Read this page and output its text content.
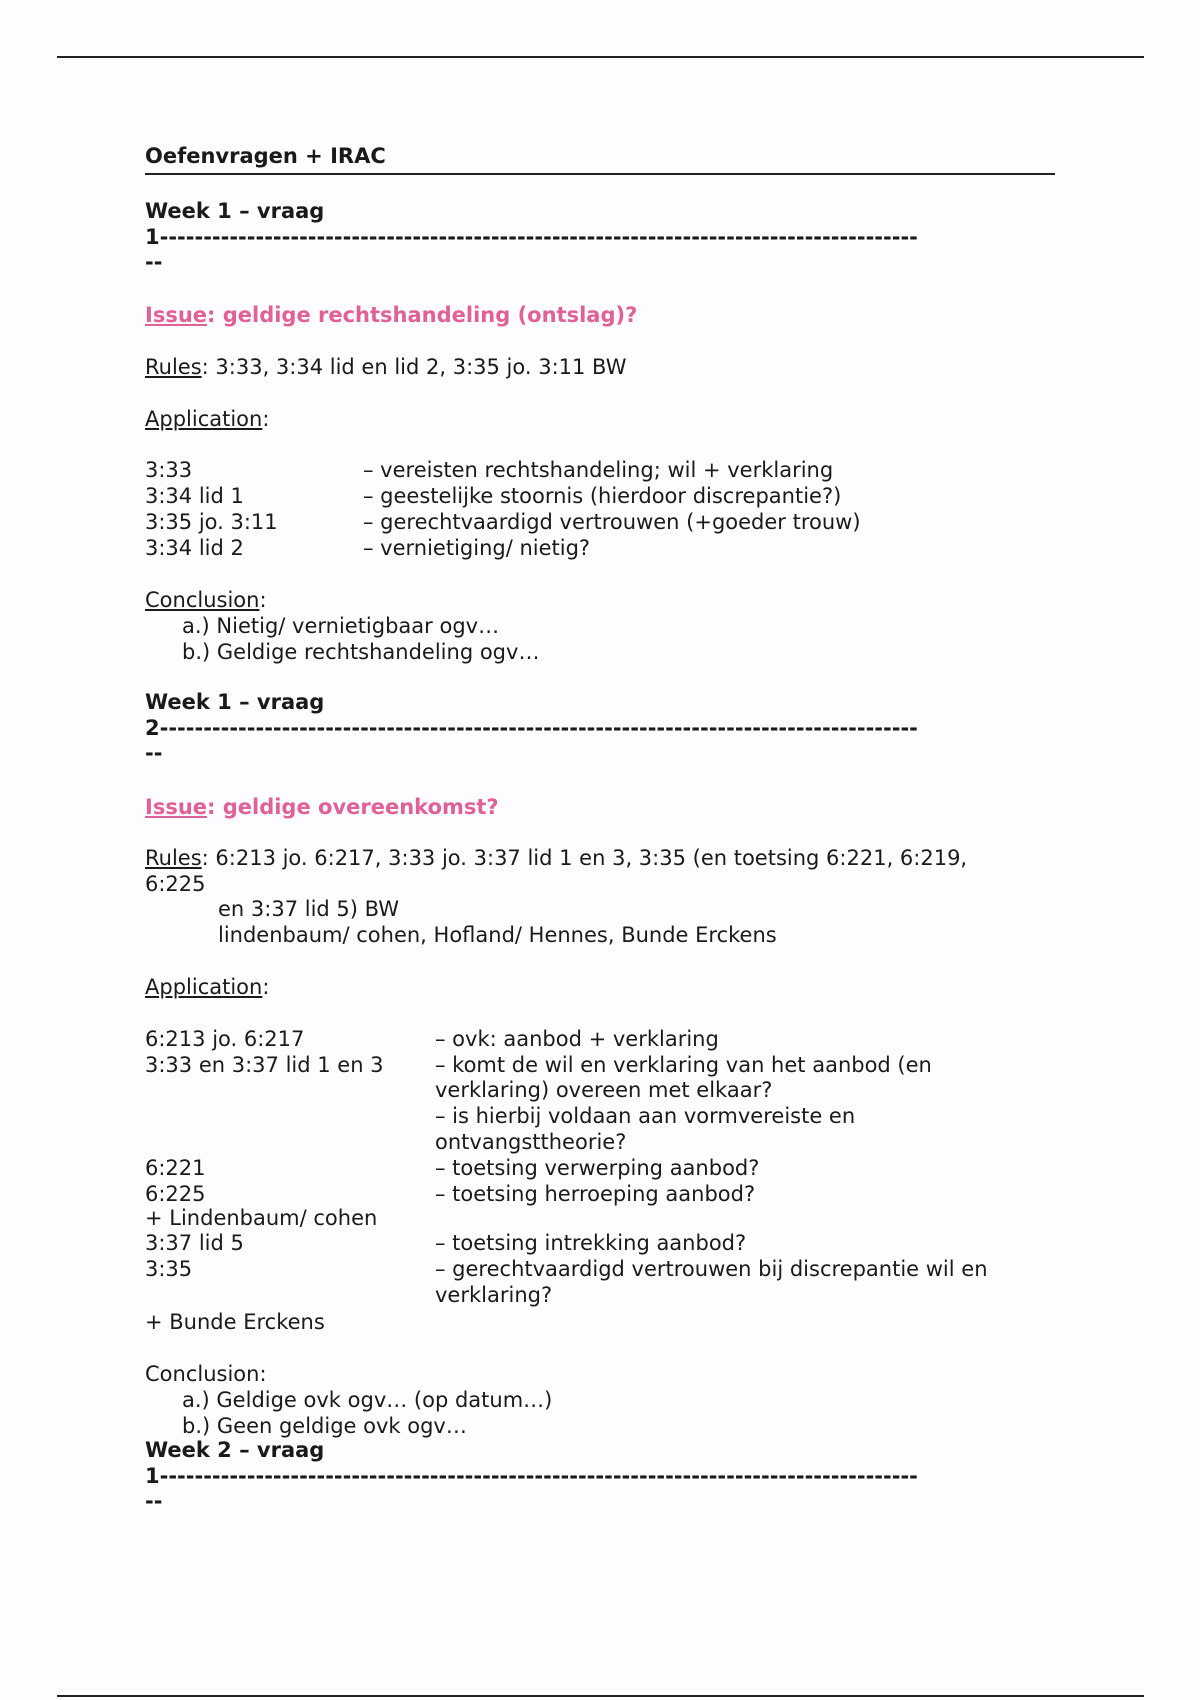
Oefenvragen + IRAC
Week 1 – vraag
1---------------------------------------------------------------------------------------
--
Issue: geldige rechtshandeling (ontslag)?
Rules: 3:33, 3:34 lid en lid 2, 3:35 jo. 3:11 BW
Application:
3:33	– vereisten rechtshandeling; wil + verklaring
3:34 lid 1	– geestelijke stoornis (hierdoor discrepantie?)
3:35 jo. 3:11	– gerechtvaardigd vertrouwen (+goeder trouw)
3:34 lid 2	– vernietiging/ nietig?
Conclusion:
a.) Nietig/ vernietigbaar ogv…
b.) Geldige rechtshandeling ogv…
Week 1 – vraag
2---------------------------------------------------------------------------------------
--
Issue: geldige overeenkomst?
Rules: 6:213 jo. 6:217, 3:33 jo. 3:37 lid 1 en 3, 3:35 (en toetsing 6:221, 6:219,
6:225
en 3:37 lid 5) BW
lindenbaum/ cohen, Hofland/ Hennes, Bunde Erckens
Application:
6:213 jo. 6:217	– ovk: aanbod + verklaring
3:33 en 3:37 lid 1 en 3 – komt de wil en verklaring van het aanbod (en
verklaring) overeen met elkaar?
– is hierbij voldaan aan vormvereiste en
ontvangsttheorie?
6:221	– toetsing verwerping aanbod?
6:225	– toetsing herroeping aanbod?
+ Lindenbaum/ cohen
3:37 lid 5	– toetsing intrekking aanbod?
3:35	– gerechtvaardigd vertrouwen bij discrepantie wil en
verklaring?
+ Bunde Erckens
Conclusion:
a.) Geldige ovk ogv… (op datum…)
b.) Geen geldige ovk ogv…
Week 2 – vraag
1---------------------------------------------------------------------------------------
--
